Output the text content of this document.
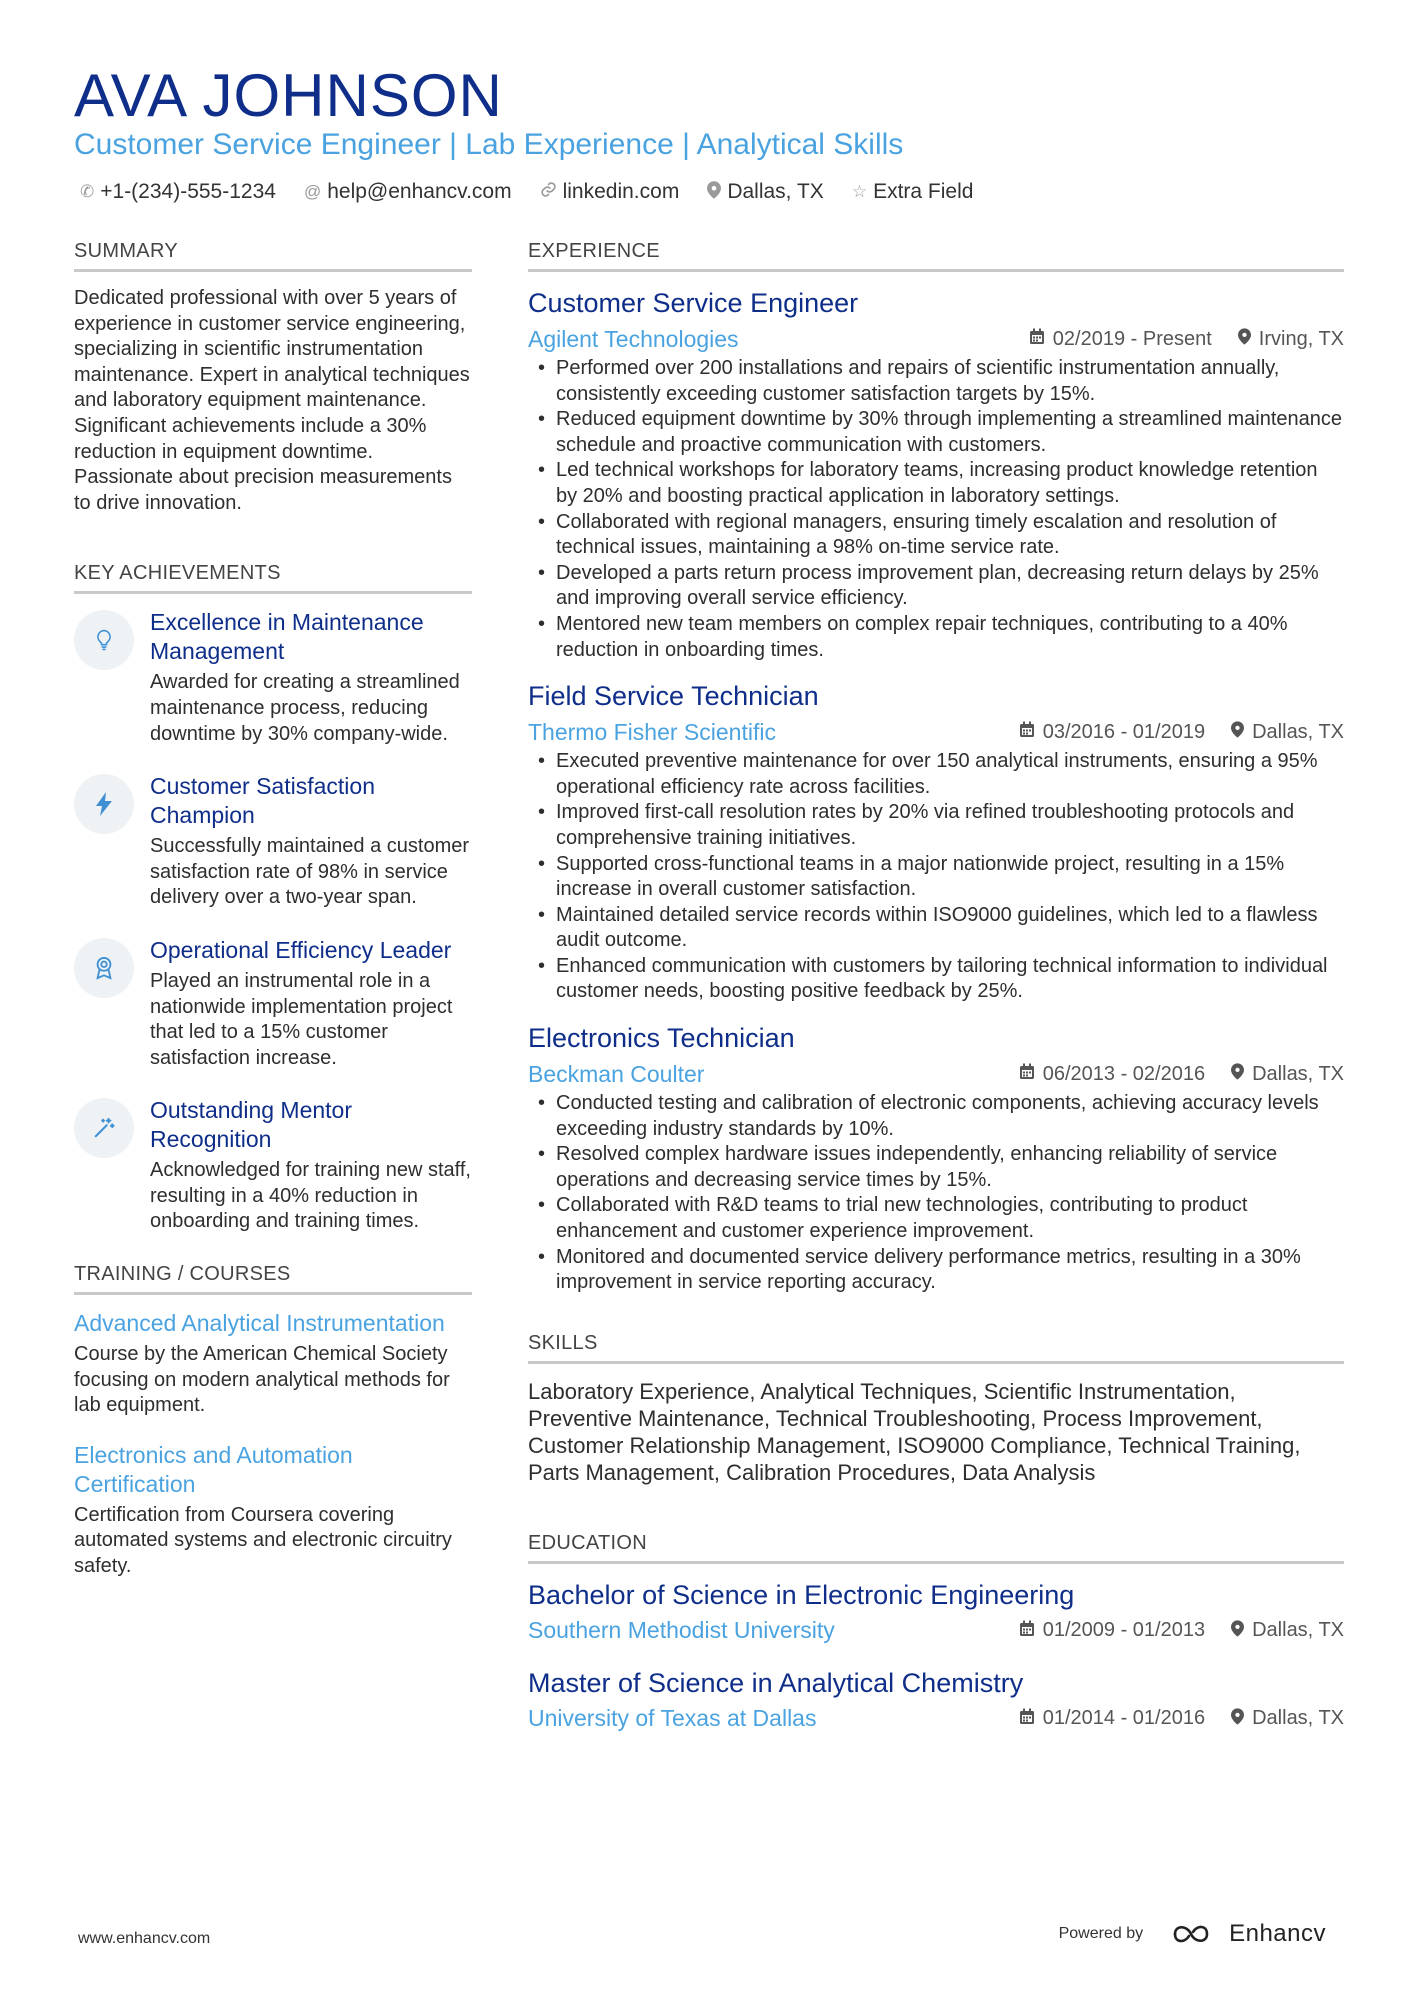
AVA JOHNSON
Customer Service Engineer | Lab Experience | Analytical Skills
✆ +1-(234)-555-1234 @ help@enhancv.com linkedin.com Dallas, TX ☆ Extra Field
SUMMARY

Dedicated professional with over 5 years of experience in customer service engineering, specializing in scientific instrumentation maintenance. Expert in analytical techniques and laboratory equipment maintenance. Significant achievements include a 30% reduction in equipment downtime. Passionate about precision measurements to drive innovation.

KEY ACHIEVEMENTS
Excellence in Maintenance Management
Awarded for creating a streamlined maintenance process, reducing downtime by 30% company-wide.
Customer Satisfaction Champion
Successfully maintained a customer satisfaction rate of 98% in service delivery over a two-year span.
Operational Efficiency Leader
Played an instrumental role in a nationwide implementation project that led to a 15% customer satisfaction increase.
Outstanding Mentor Recognition
Acknowledged for training new staff, resulting in a 40% reduction in onboarding and training times.
TRAINING / COURSES
Advanced Analytical Instrumentation
Course by the American Chemical Society focusing on modern analytical methods for lab equipment.
Electronics and Automation Certification
Certification from Coursera covering automated systems and electronic circuitry safety.
EXPERIENCE
Customer Service Engineer
Agilent Technologies	02/2019 - Present Irving, TX
• Performed over 200 installations and repairs of scientific instrumentation annually, consistently exceeding customer satisfaction targets by 15%.
• Reduced equipment downtime by 30% through implementing a streamlined maintenance schedule and proactive communication with customers.
• Led technical workshops for laboratory teams, increasing product knowledge retention by 20% and boosting practical application in laboratory settings.
• Collaborated with regional managers, ensuring timely escalation and resolution of technical issues, maintaining a 98% on-time service rate.
• Developed a parts return process improvement plan, decreasing return delays by 25% and improving overall service efficiency.
• Mentored new team members on complex repair techniques, contributing to a 40% reduction in onboarding times.
Field Service Technician
Thermo Fisher Scientific	03/2016 - 01/2019 Dallas, TX
• Executed preventive maintenance for over 150 analytical instruments, ensuring a 95% operational efficiency rate across facilities.
• Improved first-call resolution rates by 20% via refined troubleshooting protocols and comprehensive training initiatives.
• Supported cross-functional teams in a major nationwide project, resulting in a 15% increase in overall customer satisfaction.
• Maintained detailed service records within ISO9000 guidelines, which led to a flawless audit outcome.
• Enhanced communication with customers by tailoring technical information to individual customer needs, boosting positive feedback by 25%.
Electronics Technician
Beckman Coulter	06/2013 - 02/2016 Dallas, TX
• Conducted testing and calibration of electronic components, achieving accuracy levels exceeding industry standards by 10%.
• Resolved complex hardware issues independently, enhancing reliability of service operations and decreasing service times by 15%.
• Collaborated with R&D teams to trial new technologies, contributing to product enhancement and customer experience improvement.
• Monitored and documented service delivery performance metrics, resulting in a 30% improvement in service reporting accuracy.
SKILLS
Laboratory Experience, Analytical Techniques, Scientific Instrumentation, Preventive Maintenance, Technical Troubleshooting, Process Improvement, Customer Relationship Management, ISO9000 Compliance, Technical Training, Parts Management, Calibration Procedures, Data Analysis
EDUCATION
Bachelor of Science in Electronic Engineering
Southern Methodist University	01/2009 - 01/2013 Dallas, TX
Master of Science in Analytical Chemistry
University of Texas at Dallas	01/2014 - 01/2016 Dallas, TX
www.enhancv.com	Powered by	Enhancv
